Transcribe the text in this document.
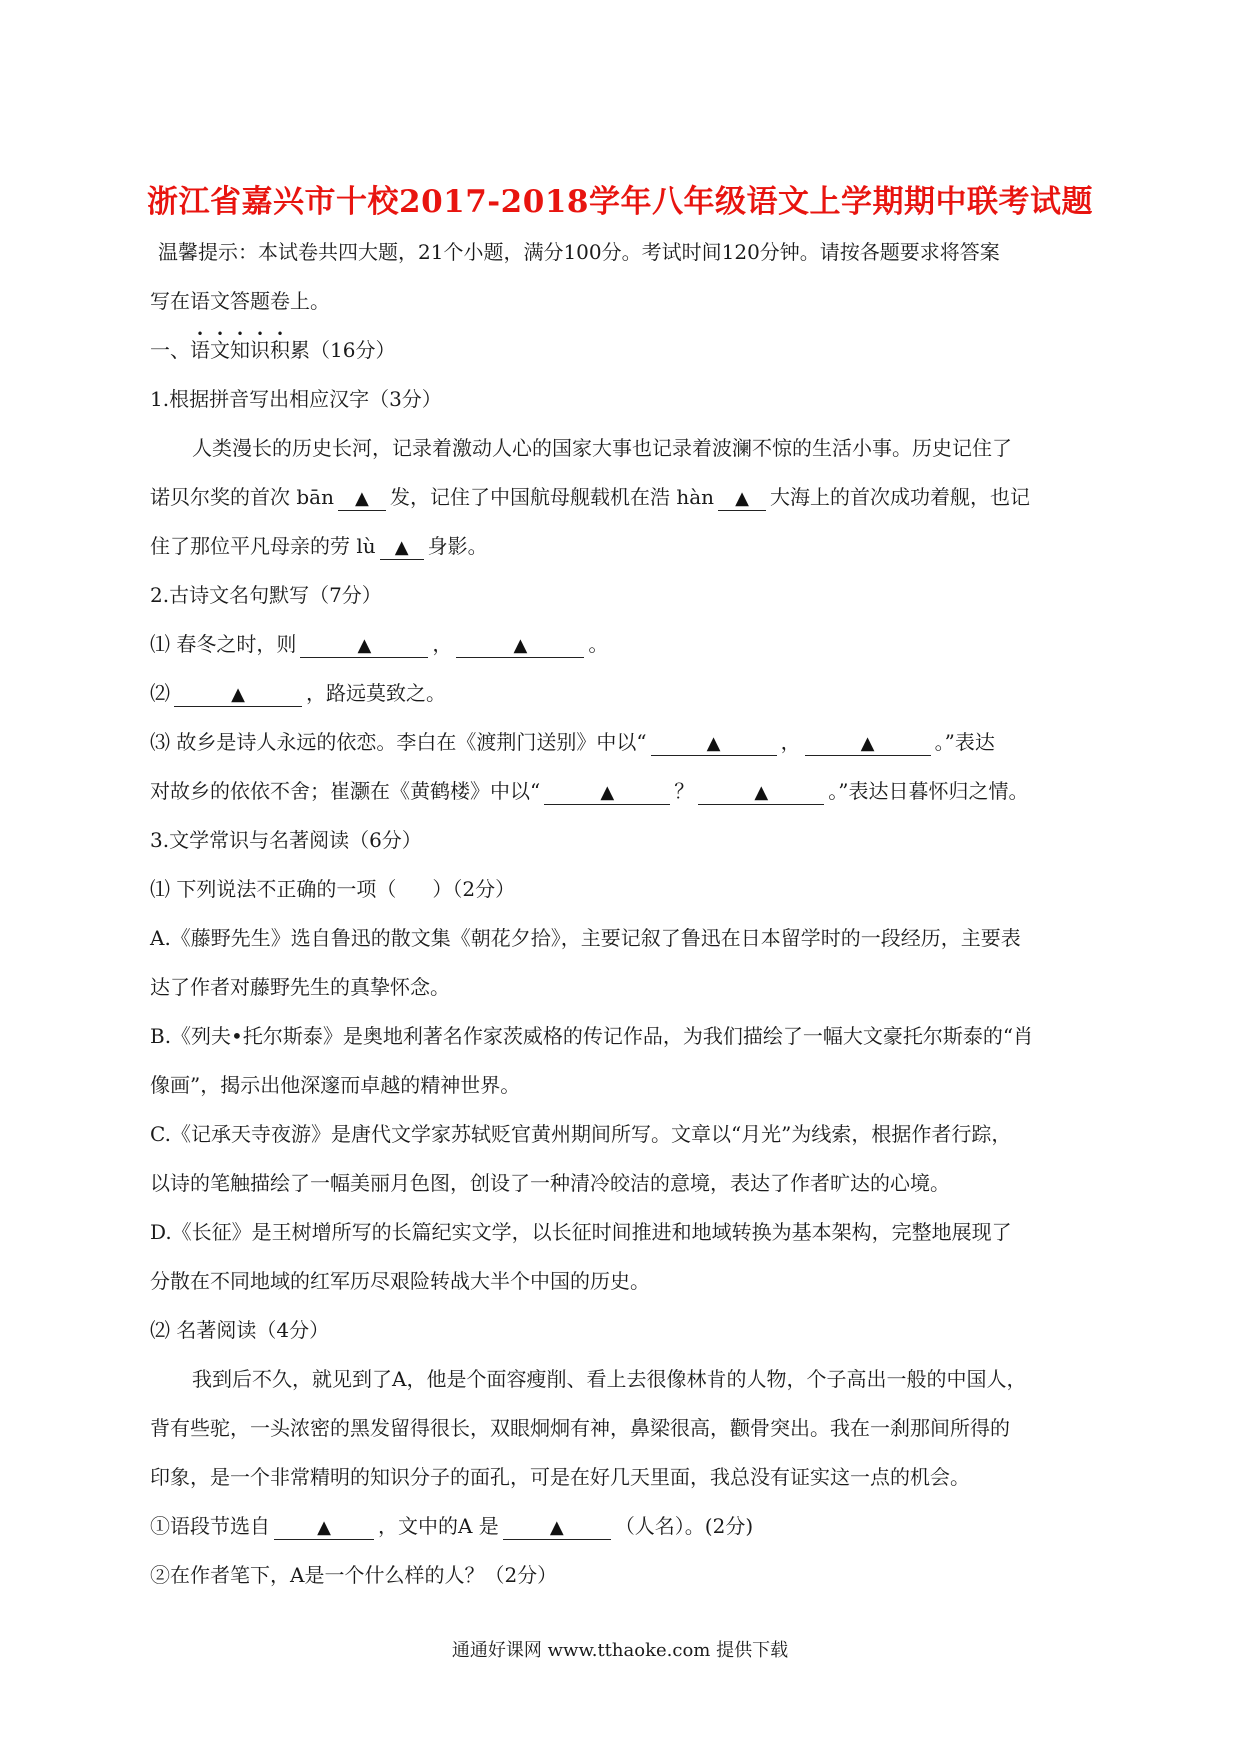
浙江省嘉兴市十校2017-2018学年八年级语文上学期期中联考试题
温馨提示：本试卷共四大题，21个小题，满分100分。考试时间120分钟。请按各题要求将答案
写在语文答题卷上。
一、语文知识积累（16分）
1.根据拼音写出相应汉字（3分）
人类漫长的历史长河，记录着激动人心的国家大事也记录着波澜不惊的生活小事。历史记住了
诺贝尔奖的首次 bān ▲ 发，记住了中国航母舰载机在浩 hàn ▲ 大海上的首次成功着舰，也记
住了那位平凡母亲的劳 lù ▲ 身影。
2.古诗文名句默写（7分）
⑴ 春冬之时，则	▲	，	▲	。
⑵	▲	，路远莫致之。
⑶ 故乡是诗人永远的依恋。李白在《渡荆门送别》中以“	▲	，	▲	。”表达
对故乡的依依不舍；崔灏在《黄鹤楼》中以“	▲	？	▲	。”表达日暮怀归之情。
3.文学常识与名著阅读（6分）
⑴ 下列说法不正确的一项（ ）（2分）
A.《藤野先生》选自鲁迅的散文集《朝花夕拾》，主要记叙了鲁迅在日本留学时的一段经历，主要表
达了作者对藤野先生的真挚怀念。
B.《列夫•托尔斯泰》是奥地利著名作家茨威格的传记作品，为我们描绘了一幅大文豪托尔斯泰的“肖
像画”，揭示出他深邃而卓越的精神世界。
C.《记承天寺夜游》是唐代文学家苏轼贬官黄州期间所写。文章以“月光”为线索，根据作者行踪，
以诗的笔触描绘了一幅美丽月色图，创设了一种清冷皎洁的意境，表达了作者旷达的心境。
D.《长征》是王树增所写的长篇纪实文学，以长征时间推进和地域转换为基本架构，完整地展现了
分散在不同地域的红军历尽艰险转战大半个中国的历史。
⑵ 名著阅读（4分）
我到后不久，就见到了A，他是个面容瘦削、看上去很像林肯的人物，个子高出一般的中国人，
背有些驼，一头浓密的黑发留得很长，双眼炯炯有神，鼻梁很高，颧骨突出。我在一刹那间所得的
印象，是一个非常精明的知识分子的面孔，可是在好几天里面，我总没有证实这一点的机会。
①语段节选自	▲ ，文中的A 是	▲	（人名）。(2分)
②在作者笔下，A是一个什么样的人？（2分）
通通好课网 www.tthaoke.com 提供下载
